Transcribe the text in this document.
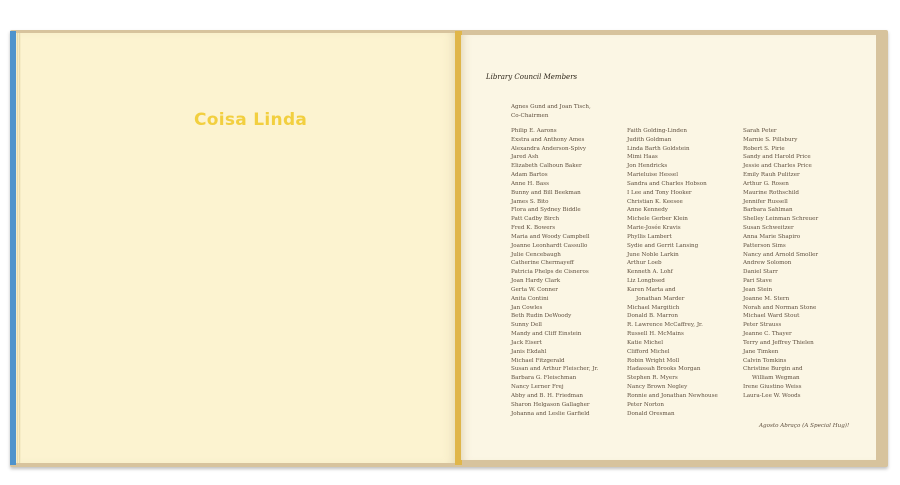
Coisa Linda
Library Council Members
Agnes Gund and Joan Tisch,
Co-Chairmen
Philip E. Aarons
Exstra and Anthony Ames
Alexandra Anderson-Spivy
Jared Ash
Elizabeth Calhoun Baker
Adam Bartos
Anne H. Bass
Bunny and Bill Beekman
James S. Bito
Flora and Sydney Biddle
Patt Cadby Birch
Fred K. Bowers
Maria and Woody Campbell
Joanne Leonhardt Cassullo
Julie Cencebaugh
Catherine Chermayeff
Patricia Phelps de Cisneros
Joan Hardy Clark
Gerta W. Conner
Anita Contini
Jan Cowles
Beth Rudin DeWoody
Sunny Dell
Mandy and Cliff Einstein
Jack Eisert
Janis Ekdahl
Michael Fitzgerald
Susan and Arthur Fleischer, Jr.
Barbara G. Fleischman
Nancy Lerner Frej
Abby and B. H. Friedman
Sharon Helgason Gallagher
Johanna and Leslie Garfield
Faith Golding-Linden
Judith Goldman
Linda Barth Goldstein
Mimi Haas
Jon Hendricks
Marieluise Hessel
Sandra and Charles Hobson
I Lee and Tony Hooker
Christian K. Keesee
Anne Kennedy
Michele Gerber Klein
Marie-Josée Kravis
Phyllis Lambert
Sydie and Gerrit Lansing
June Noble Larkin
Arthur Loeb
Kenneth A. Lohf
Liz Longbsed
Karen Marta and
Jonathan Marder
Michael Margitich
Donald B. Marron
R. Lawrence McCaffrey, Jr.
Russell H. McMains
Katie Michel
Clifford Michel
Robin Wright Moll
Hadassah Brooks Morgan
Stephen R. Myers
Nancy Brown Negley
Ronnie and Jonathan Newhouse
Peter Norton
Donald Oresman
Sarah Peter
Marnie S. Pillsbury
Robert S. Pirie
Sandy and Harold Price
Jessie and Charles Price
Emily Rauh Pulitzer
Arthur G. Rosen
Maurine Rothschild
Jennifer Russell
Barbara Sahlman
Shelley Leinman Schreuer
Susan Schweitzer
Anna Marie Shapiro
Patterson Sims
Nancy and Arnold Smoller
Andrew Solomon
Daniel Starr
Pari Stave
Jean Stein
Joanne M. Stern
Norah and Norman Stone
Michael Ward Stout
Peter Strauss
Jeanne C. Thayer
Terry and Jeffrey Thielen
Jane Timken
Calvin Tomkins
Christine Burgin and
William Wegman
Irene Giustino Weiss
Laura-Lee W. Woods
Agosto Abraço (A Special Hug)!
